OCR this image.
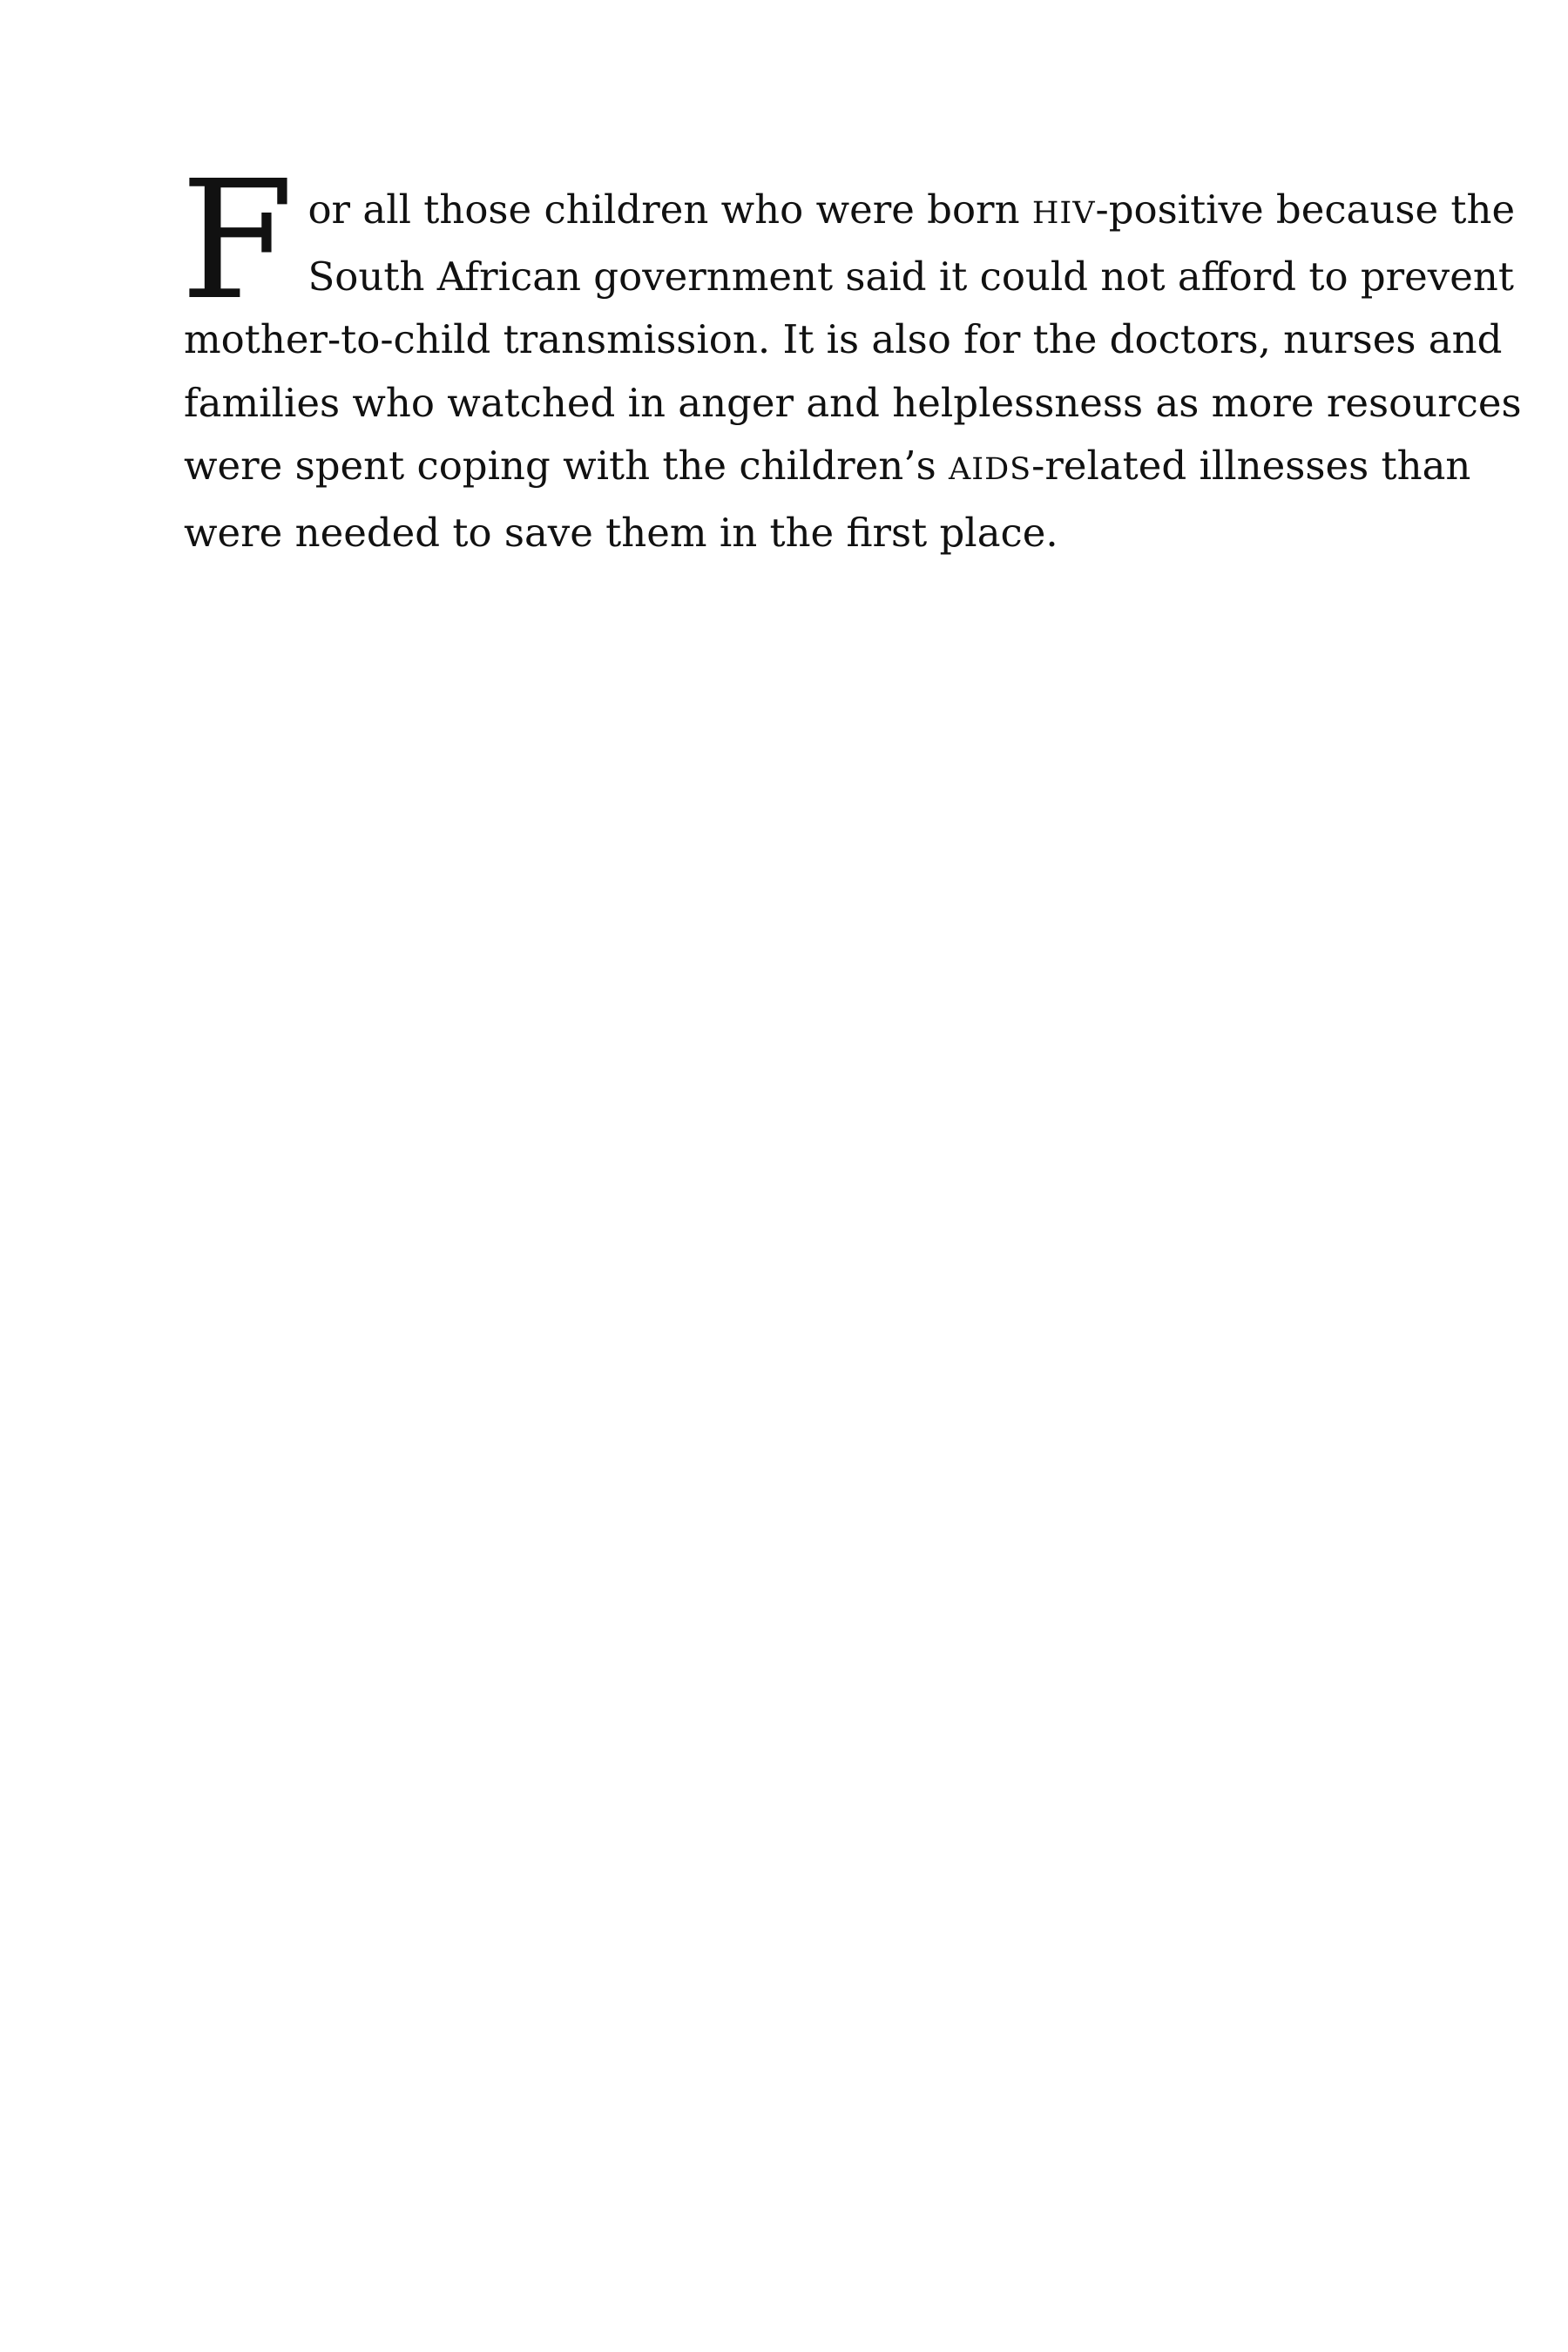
F or all those children who were born HIV-positive because the
South African government said it could not afford to prevent
mother-to-child transmission. It is also for the doctors, nurses and
families who watched in anger and helplessness as more resources
were spent coping with the children’s AIDS-related illnesses than
were needed to save them in the first place.
